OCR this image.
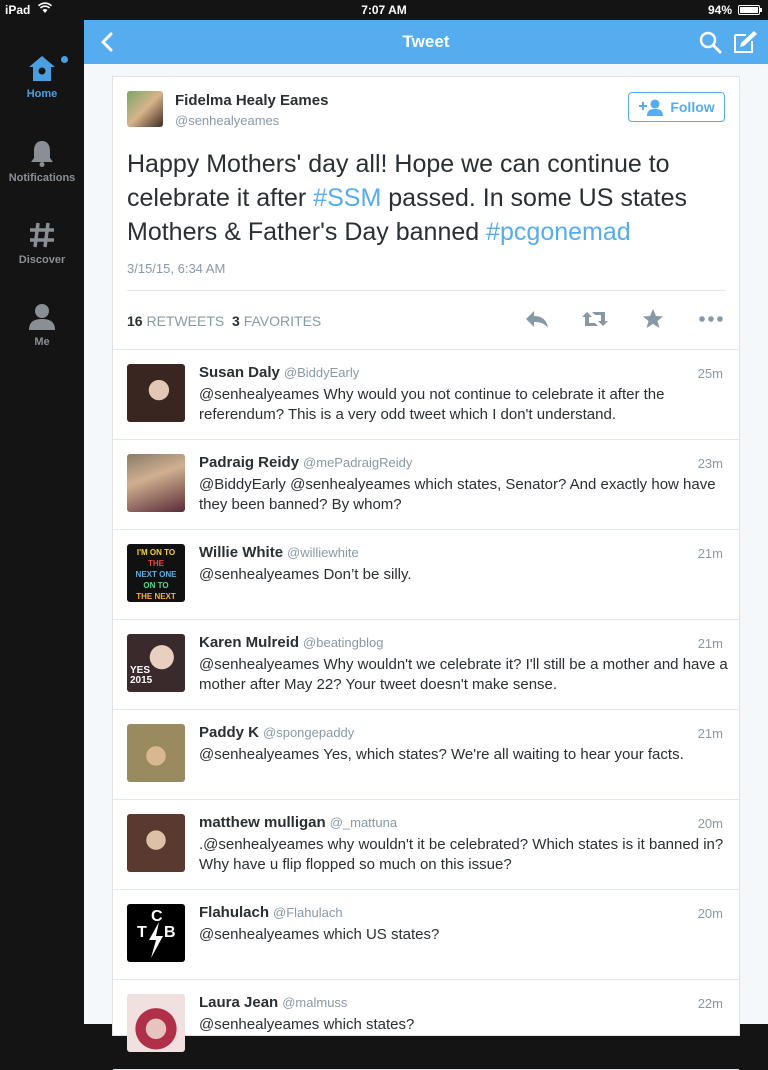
iPad	7:07 AM	94%
Home
Notifications
Discover
Me
Tweet
Fidelma Healy Eames
@senhealyeames
Follow
Happy Mothers' day all! Hope we can continue to celebrate it after #SSM passed. In some US states Mothers & Father's Day banned #pcgonemad
3/15/15, 6:34 AM
16 RETWEETS 3 FAVORITES
Susan Daly @BiddyEarly	25m
@senhealyeames Why would you not continue to celebrate it after the referendum? This is a very odd tweet which I don't understand.
Padraig Reidy @mePadraigReidy	23m
@BiddyEarly @senhealyeames which states, Senator? And exactly how have they been banned? By whom?
I'M ON TO
THE
NEXT ONE
ON TO
THE NEXT
Willie White @williewhite	21m
@senhealyeames Don’t be silly.
YES
2015
Karen Mulreid @beatingblog	21m
@senhealyeames Why wouldn't we celebrate it? I'll still be a mother and have a mother after May 22? Your tweet doesn't make sense.
Paddy K @spongepaddy	21m
@senhealyeames Yes, which states? We're all waiting to hear your facts.
matthew mulligan @_mattuna	20m
.@senhealyeames why wouldn't it be celebrated? Which states is it banned in? Why have u flip flopped so much on this issue?
C
T B
Flahulach @Flahulach	20m
@senhealyeames which US states?
Laura Jean @malmuss	22m
@senhealyeames which states?
